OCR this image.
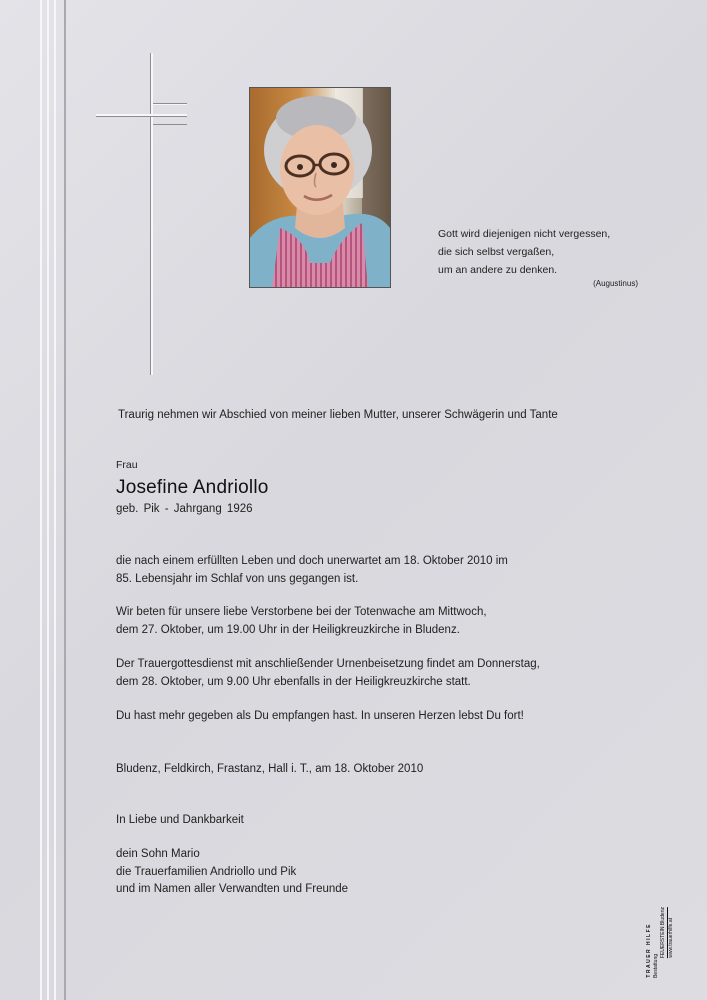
Gott wird diejenigen nicht vergessen,
die sich selbst vergaßen,
um an andere zu denken.
(Augustinus)
Traurig nehmen wir Abschied von meiner lieben Mutter, unserer Schwägerin und Tante
Frau
Josefine Andriollo
geb. Pik - Jahrgang 1926

die nach einem erfüllten Leben und doch unerwartet am 18. Oktober 2010 im

85. Lebensjahr im Schlaf von uns gegangen ist.

Wir beten für unsere liebe Verstorbene bei der Totenwache am Mittwoch,

dem 27. Oktober, um 19.00 Uhr in der Heiligkreuzkirche in Bludenz.

Der Trauergottesdienst mit anschließender Urnenbeisetzung findet am Donnerstag,

dem 28. Oktober, um 9.00 Uhr ebenfalls in der Heiligkreuzkirche statt.

Du hast mehr gegeben als Du empfangen hast. In unseren Herzen lebst Du fort!

Bludenz, Feldkirch, Frastanz, Hall i. T., am 18. Oktober 2010
In Liebe und Dankbarkeit

dein Sohn Mario

die Trauerfamilien Andriollo und Pik

und im Namen aller Verwandten und Freunde

TRAUER HILFE Bestattung
FEUERSTEIN Bludenz www.trauerhilfe.at
